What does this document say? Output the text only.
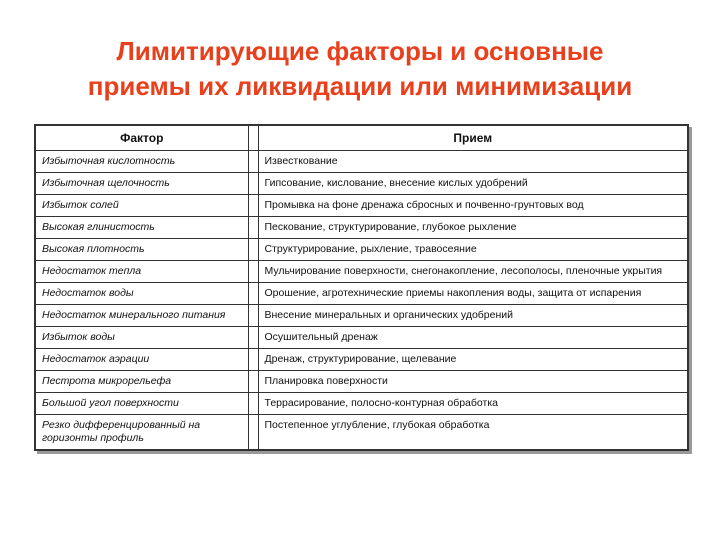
Лимитирующие факторы и основные
приемы их ликвидации или минимизации
Фактор		Прием
Избыточная кислотность		Известкование
Избыточная щелочность		Гипсование, кислование, внесение кислых удобрений
Избыток солей		Промывка на фоне дренажа сбросных и почвенно-грунтовых вод
Высокая глинистость		Пескование, структурирование, глубокое рыхление
Высокая плотность		Структурирование, рыхление, травосеяние
Недостаток тепла		Мульчирование поверхности, снегонакопление, лесополосы, пленочные укрытия
Недостаток воды		Орошение, агротехнические приемы накопления воды, защита от испарения
Недостаток минерального питания		Внесение минеральных и органических удобрений
Избыток воды		Осушительный дренаж
Недостаток аэрации		Дренаж, структурирование, щелевание
Пестрота микрорельефа		Планировка поверхности
Большой угол поверхности		Террасирование, полосно-контурная обработка
Резко дифференцированный на горизонты профиль		Постепенное углубление, глубокая обработка
